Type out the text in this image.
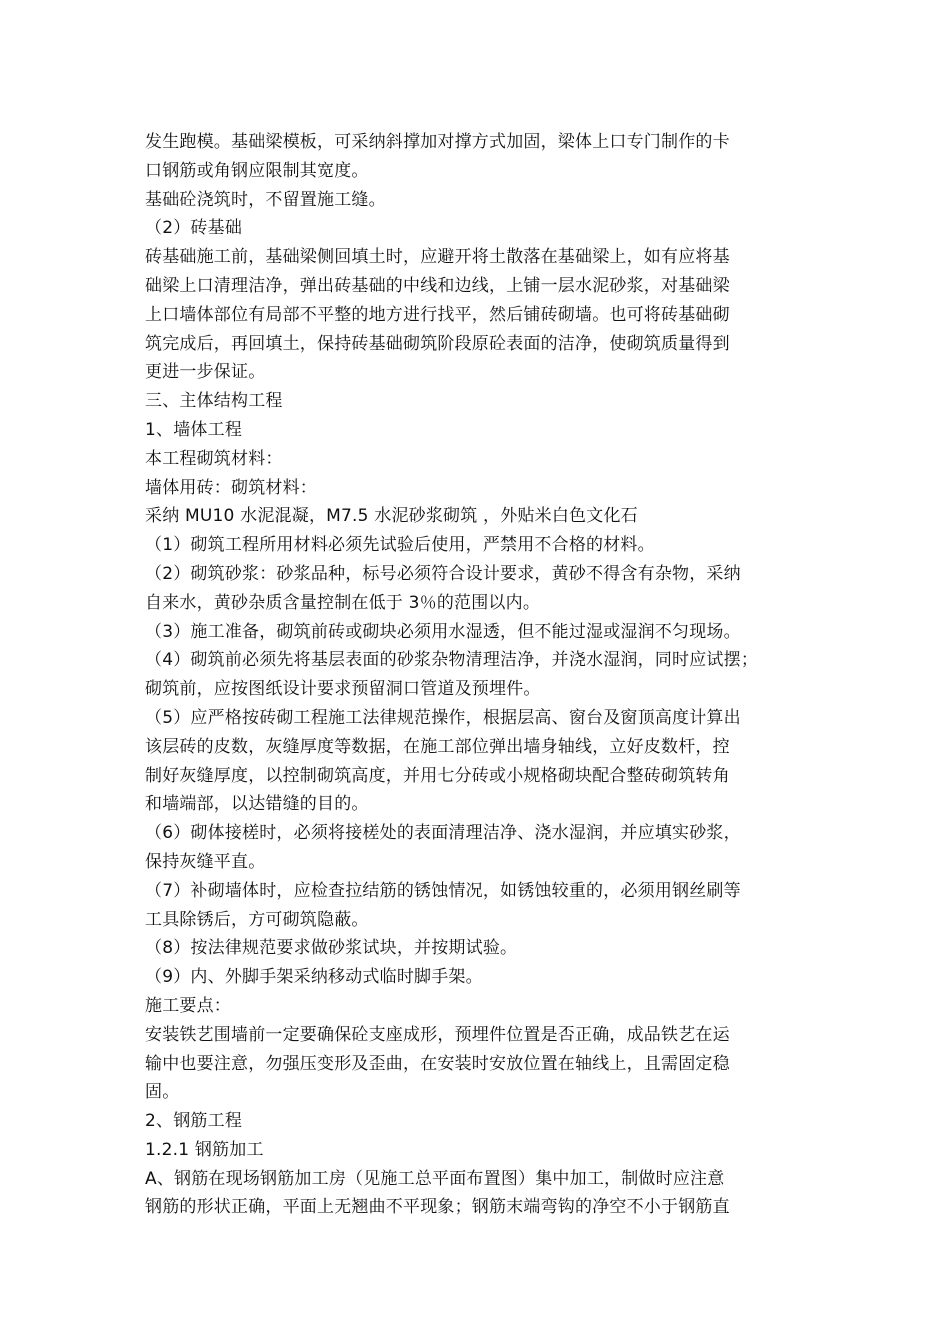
发生跑模。基础梁模板，可采纳斜撑加对撑方式加固，梁体上口专门制作的卡
口钢筋或角钢应限制其宽度。
基础砼浇筑时，不留置施工缝。
（2）砖基础
砖基础施工前，基础梁侧回填土时，应避开将土散落在基础梁上，如有应将基
础梁上口清理洁净，弹出砖基础的中线和边线，上铺一层水泥砂浆，对基础梁
上口墙体部位有局部不平整的地方进行找平，然后铺砖砌墙。也可将砖基础砌
筑完成后，再回填土，保持砖基础砌筑阶段原砼表面的洁净，使砌筑质量得到
更进一步保证。
三、主体结构工程
1、墙体工程
本工程砌筑材料：
墙体用砖：砌筑材料：
采纳 MU10 水泥混凝，M7.5 水泥砂浆砌筑 ，外贴米白色文化石
（1）砌筑工程所用材料必须先试验后使用，严禁用不合格的材料。
（2）砌筑砂浆：砂浆品种，标号必须符合设计要求，黄砂不得含有杂物，采纳
自来水，黄砂杂质含量控制在低于 3％的范围以内。
（3）施工准备，砌筑前砖或砌块必须用水湿透，但不能过湿或湿润不匀现场。
（4）砌筑前必须先将基层表面的砂浆杂物清理洁净，并浇水湿润，同时应试摆；
砌筑前，应按图纸设计要求预留洞口管道及预埋件。
（5）应严格按砖砌工程施工法律规范操作，根据层高、窗台及窗顶高度计算出
该层砖的皮数，灰缝厚度等数据，在施工部位弹出墙身轴线，立好皮数杆，控
制好灰缝厚度，以控制砌筑高度，并用七分砖或小规格砌块配合整砖砌筑转角
和墙端部，以达错缝的目的。
（6）砌体接槎时，必须将接槎处的表面清理洁净、浇水湿润，并应填实砂浆，
保持灰缝平直。
（7）补砌墙体时，应检查拉结筋的锈蚀情况，如锈蚀较重的，必须用钢丝刷等
工具除锈后，方可砌筑隐蔽。
（8）按法律规范要求做砂浆试块，并按期试验。
（9）内、外脚手架采纳移动式临时脚手架。
施工要点：
安装铁艺围墙前一定要确保砼支座成形，预埋件位置是否正确，成品铁艺在运
输中也要注意，勿强压变形及歪曲，在安装时安放位置在轴线上，且需固定稳
固。
2、钢筋工程
1.2.1 钢筋加工
A、钢筋在现场钢筋加工房（见施工总平面布置图）集中加工，制做时应注意
钢筋的形状正确，平面上无翘曲不平现象；钢筋末端弯钩的净空不小于钢筋直
